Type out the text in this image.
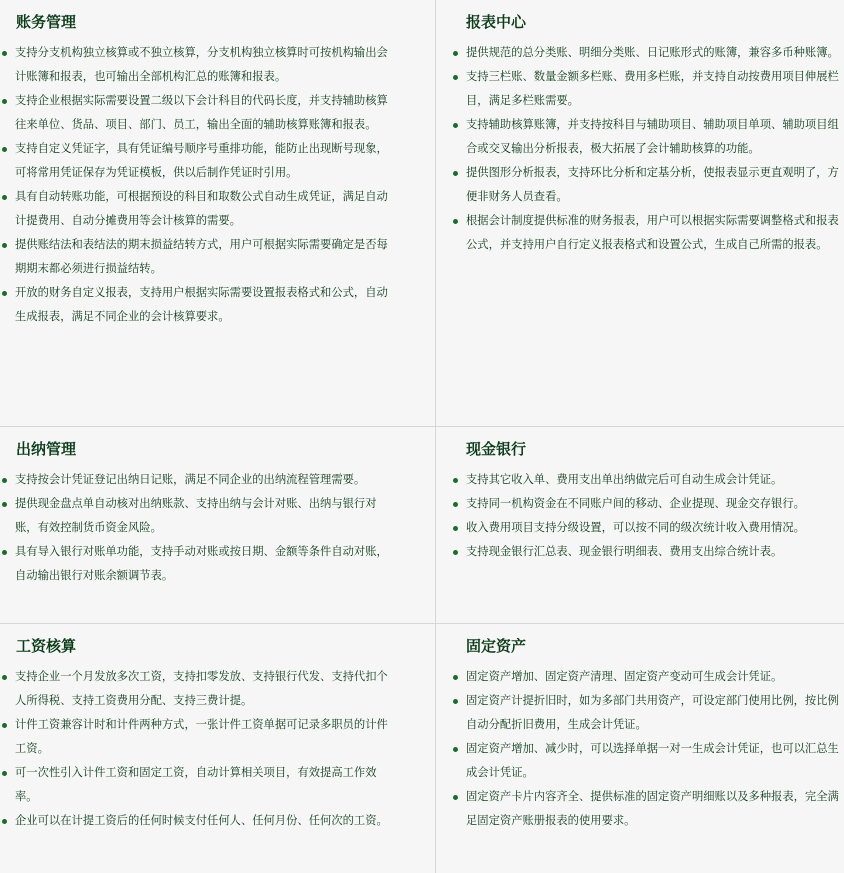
账务管理
支持分支机构独立核算或不独立核算，分支机构独立核算时可按机构输出会计账簿和报表，也可输出全部机构汇总的账簿和报表。
支持企业根据实际需要设置二级以下会计科目的代码长度，并支持辅助核算往来单位、货品、项目、部门、员工，输出全面的辅助核算账簿和报表。
支持自定义凭证字，具有凭证编号顺序号重排功能，能防止出现断号现象，可将常用凭证保存为凭证模板，供以后制作凭证时引用。
具有自动转账功能，可根据预设的科目和取数公式自动生成凭证，满足自动计提费用、自动分摊费用等会计核算的需要。
提供账结法和表结法的期末损益结转方式，用户可根据实际需要确定是否每期期末都必须进行损益结转。
开放的财务自定义报表，支持用户根据实际需要设置报表格式和公式，自动生成报表，满足不同企业的会计核算要求。
报表中心
提供规范的总分类账、明细分类账、日记账形式的账簿，兼容多币种账簿。
支持三栏账、数量金额多栏账、费用多栏账，并支持自动按费用项目伸展栏目，满足多栏账需要。
支持辅助核算账簿，并支持按科目与辅助项目、辅助项目单项、辅助项目组合或交叉输出分析报表，极大拓展了会计辅助核算的功能。
提供图形分析报表，支持环比分析和定基分析，使报表显示更直观明了，方便非财务人员查看。
根据会计制度提供标准的财务报表，用户可以根据实际需要调整格式和报表公式，并支持用户自行定义报表格式和设置公式，生成自己所需的报表。
出纳管理
支持按会计凭证登记出纳日记账，满足不同企业的出纳流程管理需要。
提供现金盘点单自动核对出纳账款、支持出纳与会计对账、出纳与银行对账，有效控制货币资金风险。
具有导入银行对账单功能，支持手动对账或按日期、金额等条件自动对账，自动输出银行对账余额调节表。
现金银行
支持其它收入单、费用支出单出纳做完后可自动生成会计凭证。
支持同一机构资金在不同账户间的移动、企业提现、现金交存银行。
收入费用项目支持分级设置，可以按不同的级次统计收入费用情况。
支持现金银行汇总表、现金银行明细表、费用支出综合统计表。
工资核算
支持企业一个月发放多次工资，支持扣零发放、支持银行代发、支持代扣个人所得税、支持工资费用分配、支持三费计提。
计件工资兼容计时和计件两种方式，一张计件工资单据可记录多职员的计件工资。
可一次性引入计件工资和固定工资，自动计算相关项目，有效提高工作效率。
企业可以在计提工资后的任何时候支付任何人、任何月份、任何次的工资。
固定资产
固定资产增加、固定资产清理、固定资产变动可生成会计凭证。
固定资产计提折旧时，如为多部门共用资产，可设定部门使用比例，按比例自动分配折旧费用，生成会计凭证。
固定资产增加、减少时，可以选择单据一对一生成会计凭证，也可以汇总生成会计凭证。
固定资产卡片内容齐全、提供标准的固定资产明细账以及多种报表，完全满足固定资产账册报表的使用要求。
